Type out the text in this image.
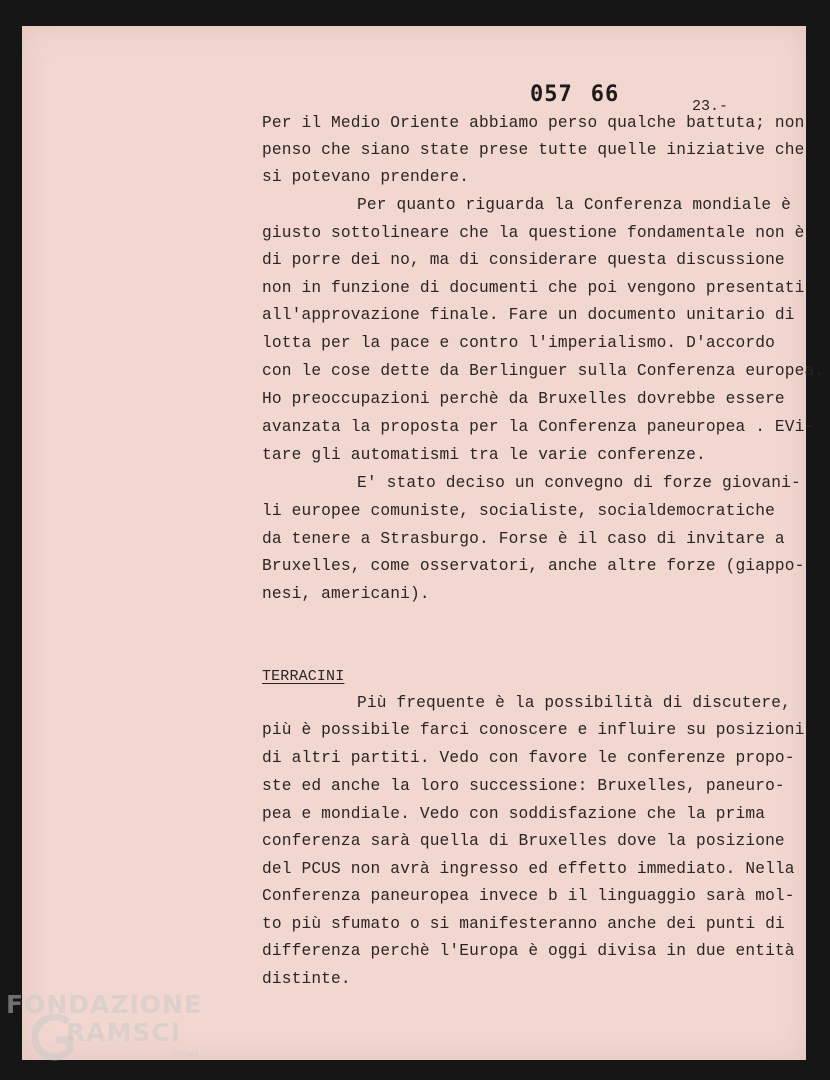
057 66	23.-
Per il Medio Oriente abbiamo perso qualche battuta; non
penso che siano state prese tutte quelle iniziative che
si potevano prendere.
Per quanto riguarda la Conferenza mondiale è
giusto sottolineare che la questione fondamentale non è
di porre dei no, ma di considerare questa discussione
non in funzione di documenti che poi vengono presentati
all'approvazione finale. Fare un documento unitario di
lotta per la pace e contro l'imperialismo. D'accordo
con le cose dette da Berlinguer sulla Conferenza europea.
Ho preoccupazioni perchè da Bruxelles dovrebbe essere
avanzata la proposta per la Conferenza paneuropea . EVi-
tare gli automatismi tra le varie conferenze.
E' stato deciso un convegno di forze giovani-
li europee comuniste, socialiste, socialdemocratiche
da tenere a Strasburgo. Forse è il caso di invitare a
Bruxelles, come osservatori, anche altre forze (giappo-
nesi, americani).
TERRACINI
Più frequente è la possibilità di discutere,
più è possibile farci conoscere e influire su posizioni
di altri partiti. Vedo con favore le conferenze propo-
ste ed anche la loro successione: Bruxelles, paneuro-
pea e mondiale. Vedo con soddisfazione che la prima
conferenza sarà quella di Bruxelles dove la posizione
del PCUS non avrà ingresso ed effetto immediato. Nella
Conferenza paneuropea invece b il linguaggio sarà mol-
to più sfumato o si manifesteranno anche dei punti di
differenza perchè l'Europa è oggi divisa in due entità
distinte.
FONDAZIONE
RAMSCI
onlus
